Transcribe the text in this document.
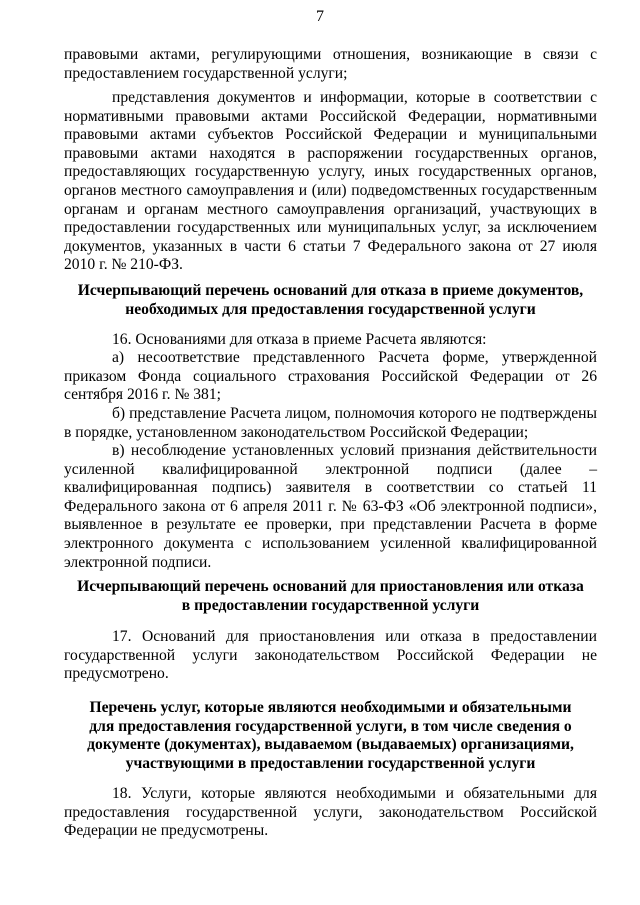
7

правовыми актами, регулирующими отношения, возникающие в связи с предоставлением государственной услуги;

представления документов и информации, которые в соответствии с нормативными правовыми актами Российской Федерации, нормативными правовыми актами субъектов Российской Федерации и муниципальными правовыми актами находятся в распоряжении государственных органов, предоставляющих государственную услугу, иных государственных органов, органов местного самоуправления и (или) подведомственных государственным органам и органам местного самоуправления организаций, участвующих в предоставлении государственных или муниципальных услуг, за исключением документов, указанных в части 6 статьи 7 Федерального закона от 27 июля 2010 г. № 210-ФЗ.

Исчерпывающий перечень оснований для отказа в приеме документов,
необходимых для предоставления государственной услуги

16. Основаниями для отказа в приеме Расчета являются:

а) несоответствие представленного Расчета форме, утвержденной приказом Фонда социального страхования Российской Федерации от 26 сентября 2016 г. № 381;

б) представление Расчета лицом, полномочия которого не подтверждены в порядке, установленном законодательством Российской Федерации;

в) несоблюдение установленных условий признания действительности усиленной квалифицированной электронной подписи (далее – квалифицированная подпись) заявителя в соответствии со статьей 11 Федерального закона от 6 апреля 2011 г. № 63-ФЗ «Об электронной подписи», выявленное в результате ее проверки, при представлении Расчета в форме электронного документа с использованием усиленной квалифицированной электронной подписи.

Исчерпывающий перечень оснований для приостановления или отказа
в предоставлении государственной услуги

17. Оснований для приостановления или отказа в предоставлении государственной услуги законодательством Российской Федерации не предусмотрено.

Перечень услуг, которые являются необходимыми и обязательными
для предоставления государственной услуги, в том числе сведения о
документе (документах), выдаваемом (выдаваемых) организациями,
участвующими в предоставлении государственной услуги

18. Услуги, которые являются необходимыми и обязательными для предоставления государственной услуги, законодательством Российской Федерации не предусмотрены.
